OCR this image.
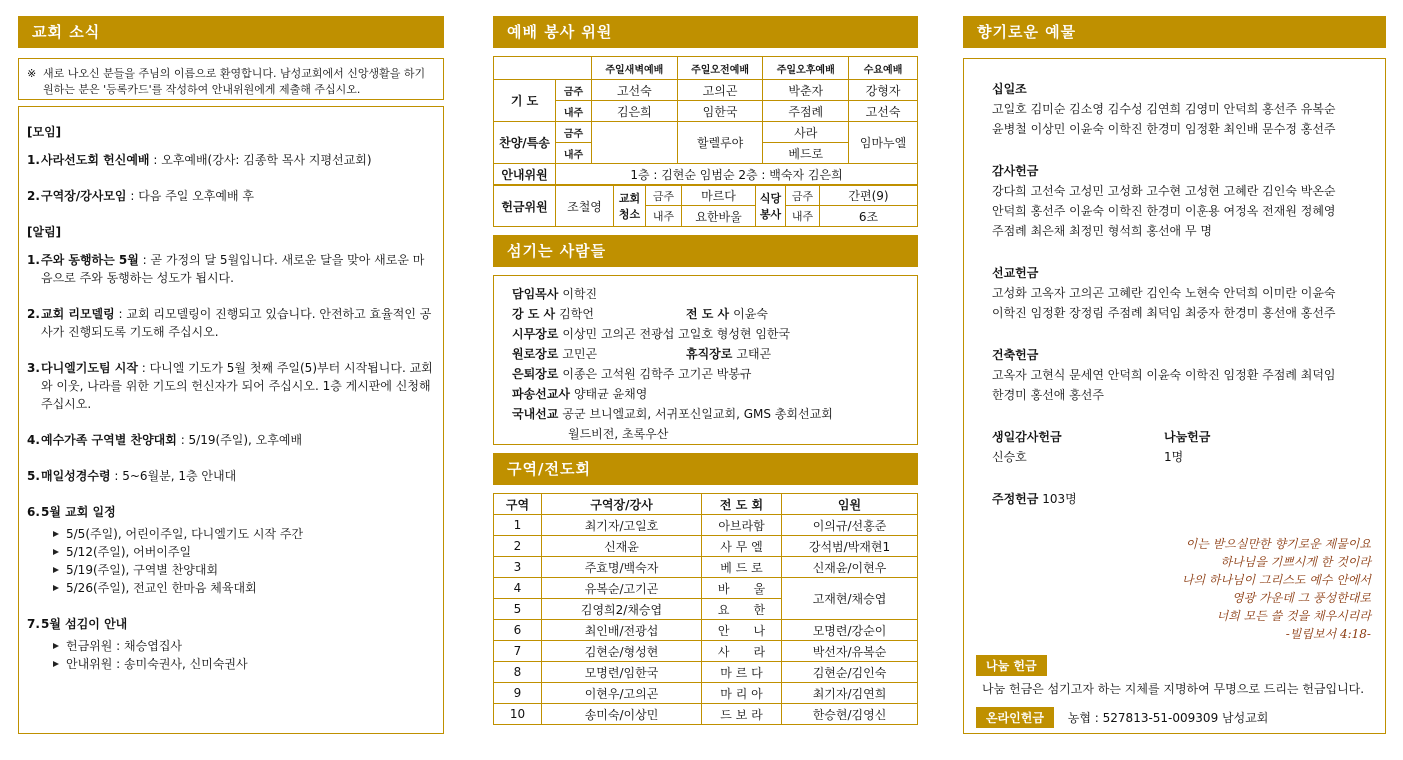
교회 소식
※ 새로 나오신 분들을 주님의 이름으로 환영합니다. 남성교회에서 신앙생활을 하기 원하는 분은 '등록카드'를 작성하여 안내위원에게 제출해 주십시오.
[모임]
1. 사라선도회 헌신예배 : 오후예배(강사: 김종학 목사 지평선교회)
2. 구역장/강사모임 : 다음 주일 오후예배 후
[알림]
1. 주와 동행하는 5월 : 곧 가정의 달 5월입니다. 새로운 달을 맞아 새로운 마음으로 주와 동행하는 성도가 됩시다.
2. 교회 리모델링 : 교회 리모델링이 진행되고 있습니다. 안전하고 효율적인 공사가 진행되도록 기도해 주십시오.
3. 다니엘기도팀 시작 : 다니엘 기도가 5월 첫째 주일(5)부터 시작됩니다. 교회와 이웃, 나라를 위한 기도의 헌신자가 되어 주십시오. 1층 게시판에 신청해 주십시오.
4. 예수가족 구역별 찬양대회 : 5/19(주일), 오후예배
5. 매일성경수령 : 5~6월분, 1층 안내대
6. 5월 교회 일정
5/5(주일), 어린이주일, 다니엘기도 시작 주간
5/12(주일), 어버이주일
5/19(주일), 구역별 찬양대회
5/26(주일), 전교인 한마음 체육대회
7. 5월 섬김이 안내
헌금위원 : 채승엽집사
안내위원 : 송미숙권사, 신미숙권사
예배 봉사 위원
		주일새벽예배	주일오전예배	주일오후예배	수요예배
기 도	금주	고선숙	고의곤	박춘자	강형자
	내주	김은희	임한국	주점례	고선숙
찬양/특송	금주		할렐루야	사라	임마누엘
	내주			베드로	
안내위원	1층 : 김현순 임범순 2층 : 백숙자 김은희				
헌금위원	조철영	교회 청소	금주	마르다	식당 봉사	금주	간편(9)
			내주	요한바울		내주	6조
섬기는 사람들
담임목사 이학진
강 도 사 김학언	전 도 사 이윤숙
시무장로 이상민 고의곤 전광섭 고일호 형성현 임한국
원로장로 고민곤	휴직장로 고태곤
은퇴장로 이종은 고석원 김학주 고기곤 박봉규
파송선교사 양태균 윤채영
국내선교 공군 브니엘교회, 서귀포신일교회, GMS 총회선교회
월드비전, 초록우산
구역/전도회
구역	구역장/강사	전 도 회	임원
1	최기자/고일호	아브라함	이의규/선홍준
2	신재윤	사 무 엘	강석범/박재현1
3	주효명/백숙자	베 드 로	신재윤/이현우
4	유복순/고기곤	바　　울	고재현/채승엽
5	김영희2/채승엽	요　　한	
6	최인배/전광섭	안　　나	모명련/강순이
7	김현순/형성현	사　　라	박선자/유복순
8	모명련/임한국	마 르 다	김현순/김인숙
9	이현우/고의곤	마 리 아	최기자/김연희
10	송미숙/이상민	드 보 라	한승현/김영신
향기로운 예물
십일조
고일호 김미순 김소영 김수성 김연희 김영미 안덕희 홍선주 유복순
윤병철 이상민 이윤숙 이학진 한경미 임정환 최인배 문수정 홍선주
감사헌금
강다희 고선숙 고성민 고성화 고수현 고성현 고혜란 김인숙 박온순
안덕희 홍선주 이윤숙 이학진 한경미 이훈용 여정옥 전재원 정혜영
주점례 최은채 최정민 형석희 홍선애 무 명
선교헌금
고성화 고옥자 고의곤 고혜란 김인숙 노현숙 안덕희 이미란 이윤숙
이학진 임정환 장정림 주점례 최덕임 최중자 한경미 홍선애 홍선주
건축헌금
고옥자 고현식 문세연 안덕희 이윤숙 이학진 임정환 주점례 최덕임
한경미 홍선애 홍선주
생일감사헌금
신승호
나눔헌금
1명
주정헌금 103명
이는 받으실만한 향기로운 제물이요
하나님을 기쁘시게 한 것이라
나의 하나님이 그리스도 예수 안에서
영광 가운데 그 풍성한대로
너희 모든 쓸 것을 채우시리라
-빌립보서 4:18-
나눔 헌금
나눔 헌금은 섬기고자 하는 지체를 지명하여 무명으로 드리는 헌금입니다.
온라인헌금 농협 : 527813-51-009309 남성교회
